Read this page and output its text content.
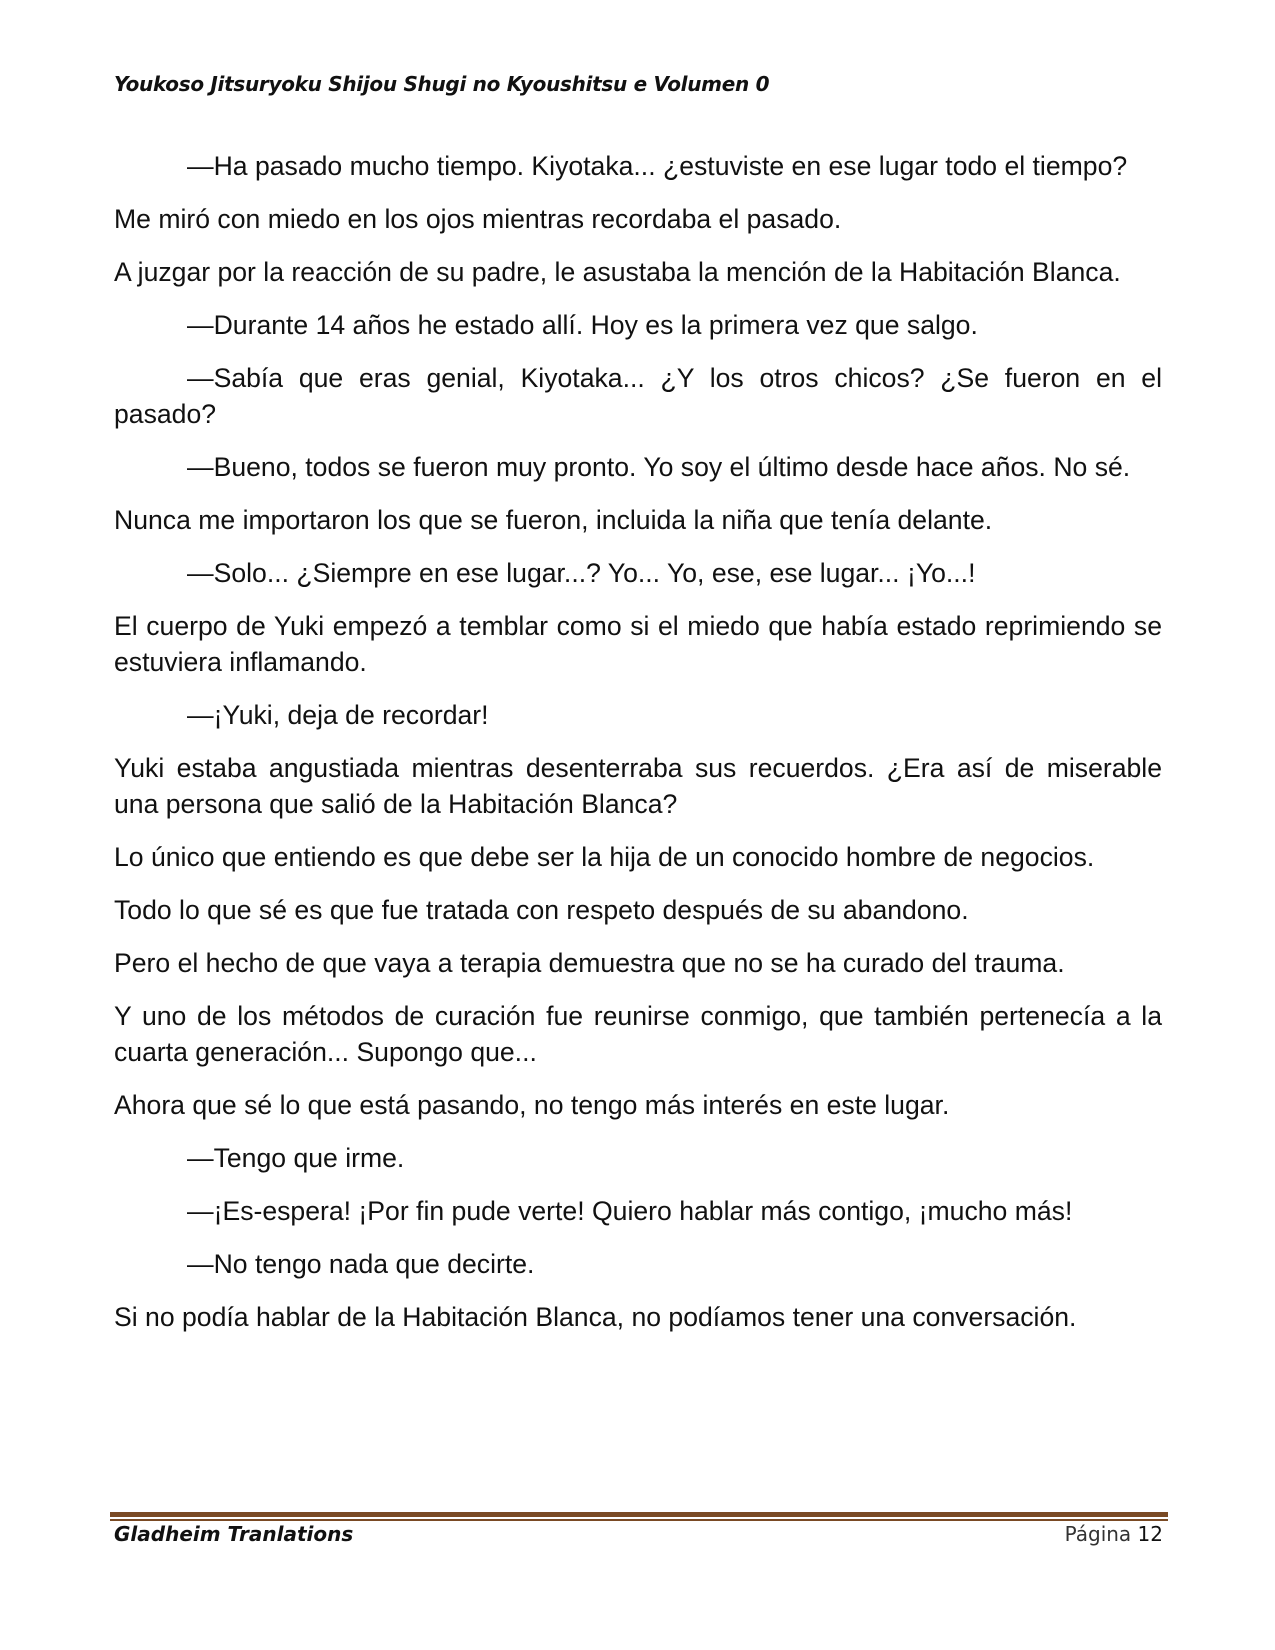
Youkoso Jitsuryoku Shijou Shugi no Kyoushitsu e Volumen 0

—Ha pasado mucho tiempo. Kiyotaka... ¿estuviste en ese lugar todo el tiempo?

Me miró con miedo en los ojos mientras recordaba el pasado.

A juzgar por la reacción de su padre, le asustaba la mención de la Habitación Blanca.

—Durante 14 años he estado allí. Hoy es la primera vez que salgo.

—Sabía que eras genial, Kiyotaka... ¿Y los otros chicos? ¿Se fueron en el pasado?

—Bueno, todos se fueron muy pronto. Yo soy el último desde hace años. No sé.

Nunca me importaron los que se fueron, incluida la niña que tenía delante.

—Solo... ¿Siempre en ese lugar...? Yo... Yo, ese, ese lugar... ¡Yo...!

El cuerpo de Yuki empezó a temblar como si el miedo que había estado reprimiendo se estuviera inflamando.

—¡Yuki, deja de recordar!

Yuki estaba angustiada mientras desenterraba sus recuerdos. ¿Era así de miserable una persona que salió de la Habitación Blanca?

Lo único que entiendo es que debe ser la hija de un conocido hombre de negocios.

Todo lo que sé es que fue tratada con respeto después de su abandono.

Pero el hecho de que vaya a terapia demuestra que no se ha curado del trauma.

Y uno de los métodos de curación fue reunirse conmigo, que también pertenecía a la cuarta generación... Supongo que...

Ahora que sé lo que está pasando, no tengo más interés en este lugar.

—Tengo que irme.

—¡Es-espera! ¡Por fin pude verte! Quiero hablar más contigo, ¡mucho más!

—No tengo nada que decirte.

Si no podía hablar de la Habitación Blanca, no podíamos tener una conversación.

Gladheim Tranlations	Página 12
